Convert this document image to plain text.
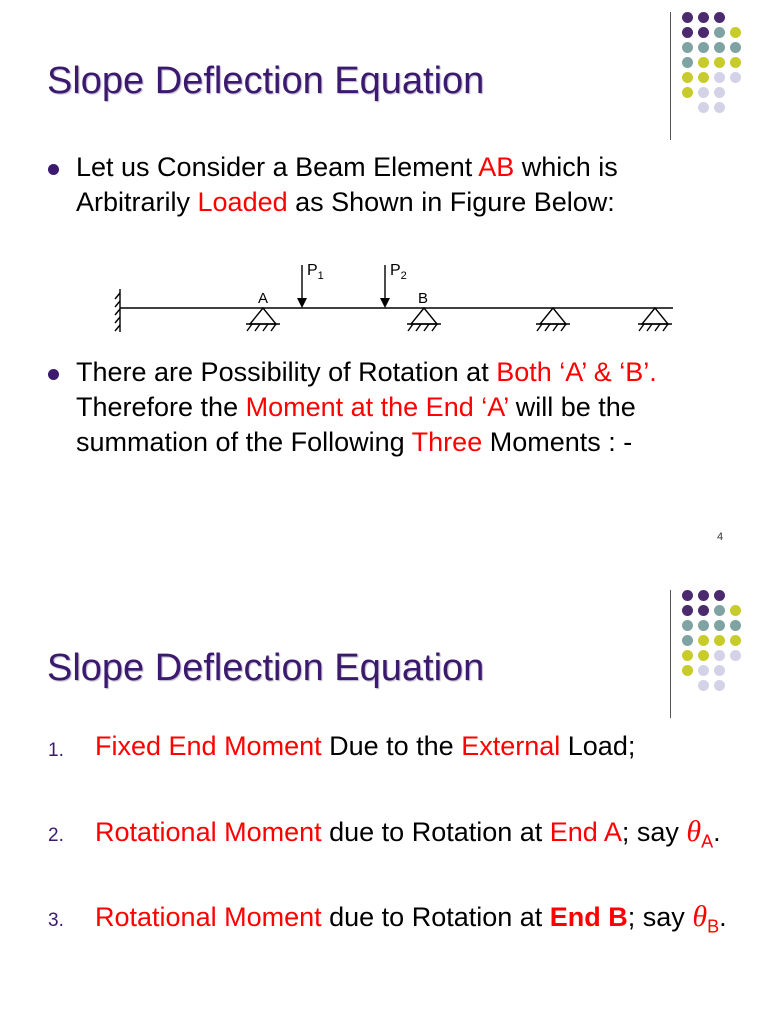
Slope Deflection Equation
Let us Consider a Beam Element AB which is Arbitrarily Loaded as Shown in Figure Below:
$P_1$	$P_2$
A	B
There are Possibility of Rotation at Both ‘A’ & ‘B’. Therefore the Moment at the End ‘A’ will be the summation of the Following Three Moments : -
4
Slope Deflection Equation
1. Fixed End Moment Due to the External Load;
2. Rotational Moment due to Rotation at End A; say $\theta_A$.
3. Rotational Moment due to Rotation at End B; say $\theta_B$.
